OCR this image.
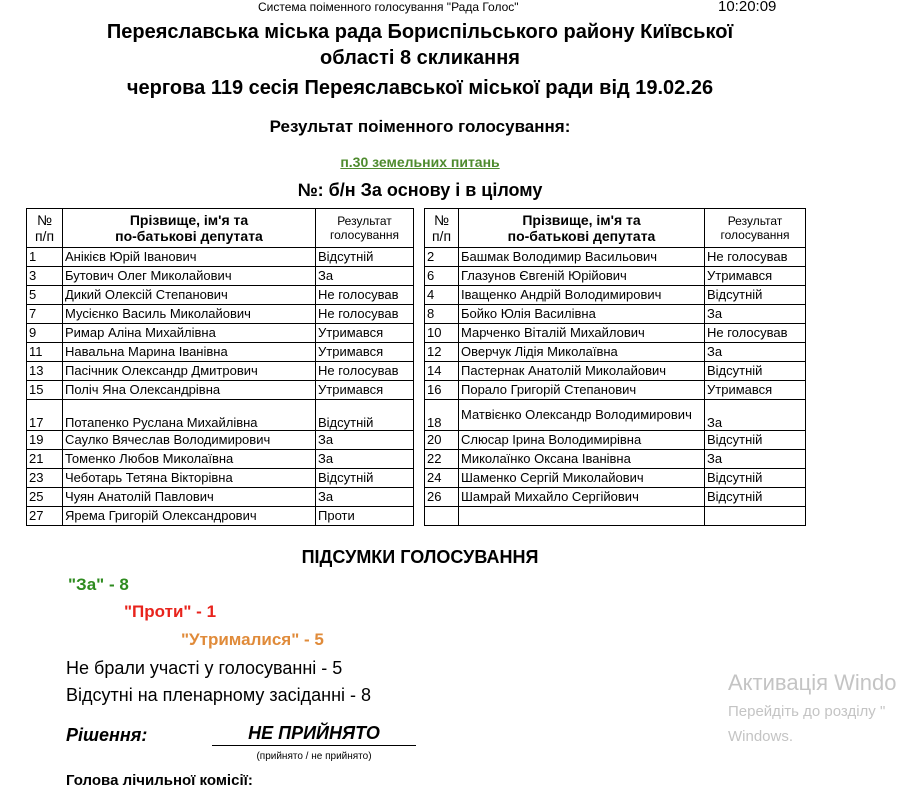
Система поіменного голосування "Рада Голос"	10:20:09
Переяславська міська рада Бориспільського району Київської
області 8 скликання
чергова 119 сесія Переяславської міської ради від 19.02.26
Результат поіменного голосування:
п.30 земельних питань
№: б/н За основу і в цілому
№
п/п	Прізвище, ім'я та
по-батькові депутата	Результат
голосування
1	Анікієв Юрій Іванович	Відсутній
3	Бутович Олег Миколайович	За
5	Дикий Олексій Степанович	Не голосував
7	Мусієнко Василь Миколайович	Не голосував
9	Римар Аліна Михайлівна	Утримався
11	Навальна Марина Іванівна	Утримався
13	Пасічник Олександр Дмитрович	Не голосував
15	Поліч Яна Олександрівна	Утримався
17	Потапенко Руслана Михайлівна	Відсутній
19	Саулко Вячеслав Володимирович	За
21	Томенко Любов Миколаївна	За
23	Чеботарь Тетяна Вікторівна	Відсутній
25	Чуян Анатолій Павлович	За
27	Ярема Григорій Олександрович	Проти
№
п/п	Прізвище, ім'я та
по-батькові депутата	Результат
голосування
2	Башмак Володимир Васильович	Не голосував
6	Глазунов Євгеній Юрійович	Утримався
4	Іващенко Андрій Володимирович	Відсутній
8	Бойко Юлія Василівна	За
10	Марченко Віталій Михайлович	Не голосував
12	Оверчук Лідія Миколаївна	За
14	Пастернак Анатолій Миколайович	Відсутній
16	Порало Григорій Степанович	Утримався
18	Матвієнко Олександр Володимирович	За
20	Слюсар Ірина Володимирівна	Відсутній
22	Миколаїнко Оксана Іванівна	За
24	Шаменко Сергій Миколайович	Відсутній
26	Шамрай Михайло Сергійович	Відсутній

ПІДСУМКИ ГОЛОСУВАННЯ
"За" - 8
"Проти" - 1
"Утрималися" - 5
Не брали участі у голосуванні - 5
Відсутні на пленарному засіданні - 8
Рішення:	НЕ ПРИЙНЯТО
(прийнято / не прийнято)
Голова лічильної комісії:
Активація Windo
Перейдіть до розділу "
Windows.
